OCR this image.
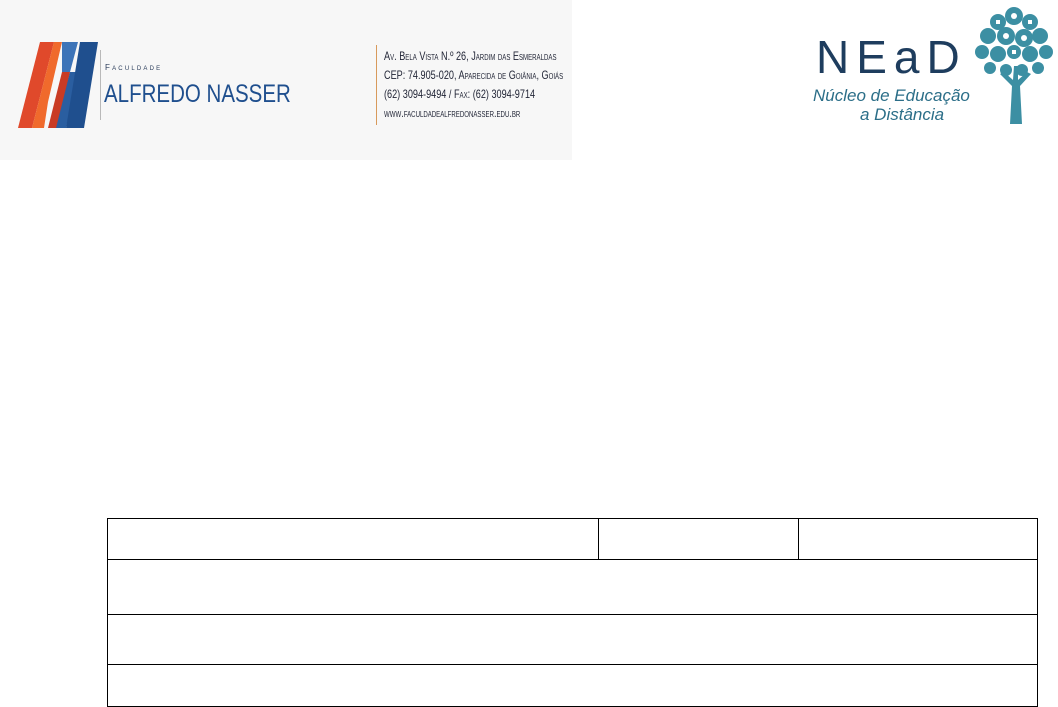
Faculdade
ALFREDO NASSER
Av. Bela Vista N.º 26, Jardim das Esmeraldas
CEP: 74.905-020, Aparecida de Goiânia, Goiás
(62) 3094-9494 / Fax: (62) 3094-9714
www.faculdadealfredonasser.edu.br
NEaD
Núcleo de Educação
a Distância
